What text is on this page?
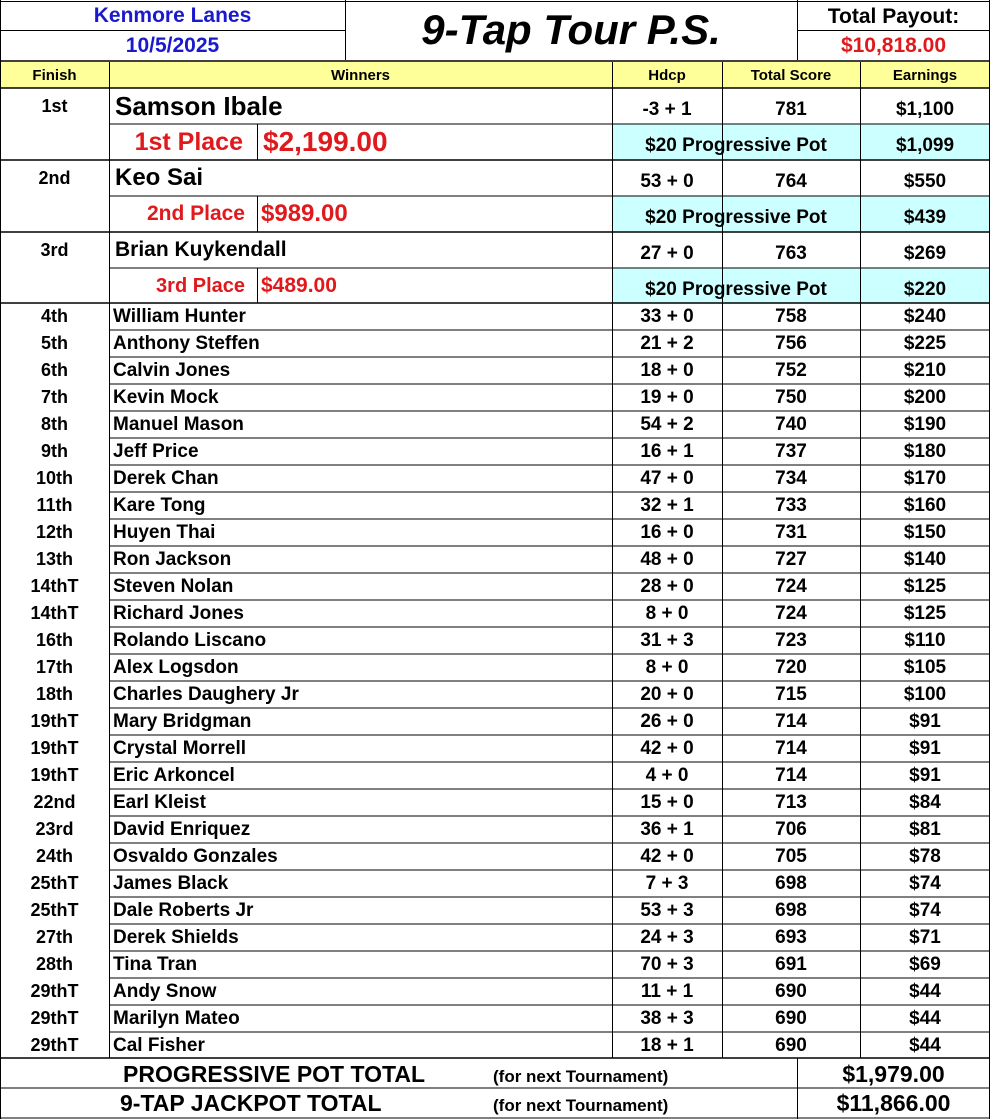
Kenmore Lanes
10/5/2025	9-Tap Tour P.S.	Total Payout:
$10,818.00
Finish	Winners	Hdcp	Total Score	Earnings
1st	Samson Ibale	-3 + 1	781	$1,100
1st Place $2,199.00	$20 Progressive Pot	$1,099
2nd	Keo Sai	53 + 0	764	$550
2nd Place $989.00	$20 Progressive Pot	$439
3rd	Brian Kuykendall	27 + 0	763	$269
3rd Place $489.00	$20 Progressive Pot	$220
4th	William Hunter	33 + 0	758	$240
5th	Anthony Steffen	21 + 2	756	$225
6th	Calvin Jones	18 + 0	752	$210
7th	Kevin Mock	19 + 0	750	$200
8th	Manuel Mason	54 + 2	740	$190
9th	Jeff Price	16 + 1	737	$180
10th	Derek Chan	47 + 0	734	$170
11th	Kare Tong	32 + 1	733	$160
12th	Huyen Thai	16 + 0	731	$150
13th	Ron Jackson	48 + 0	727	$140
14thT	Steven Nolan	28 + 0	724	$125
14thT	Richard Jones	8 + 0	724	$125
16th	Rolando Liscano	31 + 3	723	$110
17th	Alex Logsdon	8 + 0	720	$105
18th	Charles Daughery Jr	20 + 0	715	$100
19thT	Mary Bridgman	26 + 0	714	$91
19thT	Crystal Morrell	42 + 0	714	$91
19thT	Eric Arkoncel	4 + 0	714	$91
22nd	Earl Kleist	15 + 0	713	$84
23rd	David Enriquez	36 + 1	706	$81
24th	Osvaldo Gonzales	42 + 0	705	$78
25thT	James Black	7 + 3	698	$74
25thT	Dale Roberts Jr	53 + 3	698	$74
27th	Derek Shields	24 + 3	693	$71
28th	Tina Tran	70 + 3	691	$69
29thT	Andy Snow	11 + 1	690	$44
29thT	Marilyn Mateo	38 + 3	690	$44
29thT	Cal Fisher	18 + 1	690	$44
PROGRESSIVE POT TOTAL	(for next Tournament)	$1,979.00
9-TAP JACKPOT TOTAL	(for next Tournament)	$11,866.00
